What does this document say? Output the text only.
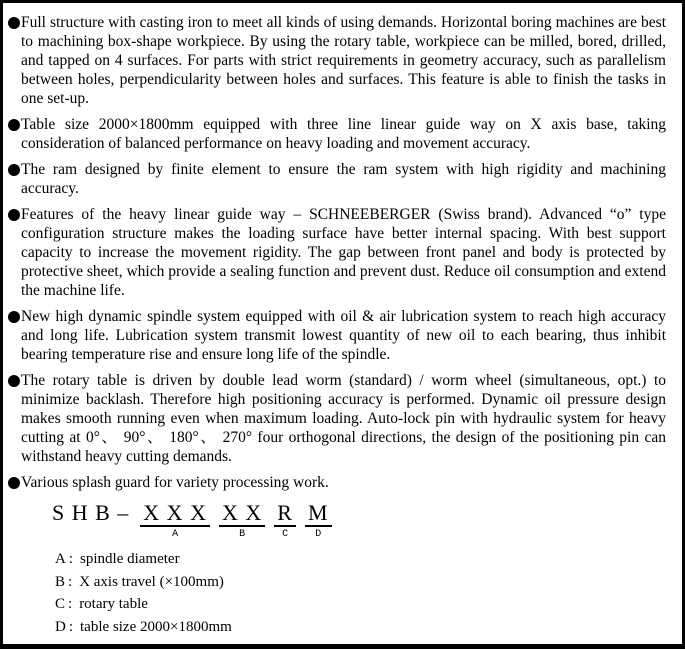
Full structure with casting iron to meet all kinds of using demands. Horizontal boring machines are best to machining box-shape workpiece. By using the rotary table, workpiece can be milled, bored, drilled, and tapped on 4 surfaces. For parts with strict requirements in geometry accuracy, such as parallelism between holes, perpendicularity between holes and surfaces. This feature is able to finish the tasks in one set-up.
Table size 2000×1800mm equipped with three line linear guide way on X axis base, taking consideration of balanced performance on heavy loading and movement accuracy.
The ram designed by finite element to ensure the ram system with high rigidity and machining accuracy.
Features of the heavy linear guide way – SCHNEEBERGER (Swiss brand). Advanced “o” type configuration structure makes the loading surface have better internal spacing. With best support capacity to increase the movement rigidity. The gap between front panel and body is protected by protective sheet, which provide a sealing function and prevent dust. Reduce oil consumption and extend the machine life.
New high dynamic spindle system equipped with oil & air lubrication system to reach high accuracy and long life. Lubrication system transmit lowest quantity of new oil to each bearing, thus inhibit bearing temperature rise and ensure long life of the spindle.
The rotary table is driven by double lead worm (standard) / worm wheel (simultaneous, opt.) to minimize backlash. Therefore high positioning accuracy is performed. Dynamic oil pressure design makes smooth running even when maximum loading. Auto-lock pin with hydraulic system for heavy cutting at 0°、 90°、 180°、 270° four orthogonal directions, the design of the positioning pin can withstand heavy cutting demands.
Various splash guard for variety processing work.
S H B – X X X
A
X X
B
R
C
M
D
A : spindle diameter
B : X axis travel (×100mm)
C : rotary table
D : table size 2000×1800mm
